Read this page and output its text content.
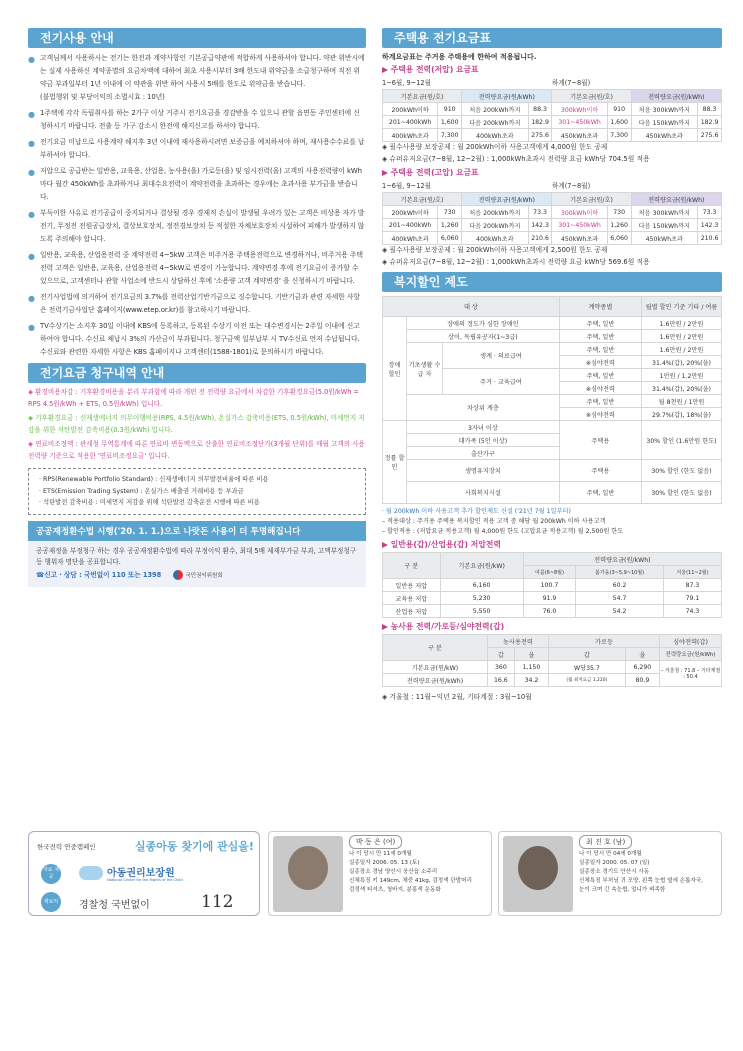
전기사용 안내
● 고객님께서 사용하시는 전기는 한전과 계약사항인 기본공급약관에 적합하게 사용하셔야 합니다. 약관 위반시에는 실제 사용하신 계약종별의 요금차액에 대하여 최초 사용시부터 3배 한도내 위약금을 소급청구하며 직전 위약금 부과일부터 1년 이내에 이 약관을 위반 하여 사용시 5배를 한도로 위약금을 받습니다.
(불법행위 및 부당이익의 소멸시효 : 10년)
● 1주택에 각각 독립취사를 하는 2가구 이상 거주시 전기요금을 경감받을 수 있으니 관할 읍면동 주민센터에 신청하시기 바랍니다. 전출 등 가구 감소시 한전에 해지신고를 하셔야 합니다.
● 전기요금 미납으로 사용계약 해지후 3년 이내에 재사용하시려면 보증금을 예치하셔야 하며, 재사용수수료를 납부하셔야 합니다.
● 저압으로 공급받는 일반용, 교육용, 산업용, 농사용(을) 가로등(을) 및 임시전력(을) 고객의 사용전력량이 kWh마다 월간 450kWh를 초과하거나 최대수요전력이 계약전력을 초과하는 경우에는 초과사용 부가금을 받습니다.
● 부득이한 사유로 전기공급이 중지되거나 결상될 경우 경제적 손실이 발생될 우려가 있는 고객은 비상용 자가 발전기, 무정전 전원공급장치, 결상보호장치, 정전경보장치 등 적절한 자체보호장치 시설하여 피해가 발생하지 않도록 주의해야 합니다.
● 일반용, 교육용, 산업용전력 중 계약전력 4~5kW 고객은 비주거용 주택용전력으로 변경하거나, 비주거용 주택전력 고객은 일반용, 교육용, 산업용전력 4~5kW로 변경이 가능합니다. 계약변경 후에 전기요금이 증가할 수 있으므로, 고객센터나 관할 사업소에 반드시 상담하신 후에 '소용량 고객 계약변경' 을 신청하시기 바랍니다.
● 전기사업법에 의거하여 전기요금의 3.7%를 전력산업기반기금으로 징수합니다. 기반기금과 관련 자세한 사항은 전력기금사업단 홈페이지(www.etep.or.kr)를 참고하시기 바랍니다.
● TV수상기는 소지후 30일 이내에 KBS에 등록하고, 등록된 수상기 이전 또는 대수변경시는 2주일 이내에 신고하여야 합니다. 수신료 체납시 3%의 가산금이 부과됩니다. 청구금액 일부납부 시 TV수신료 먼저 수납됩니다. 수신료와 관련한 자세한 사항은 KBS 홈페이지나 고객센터(1588-1801)로 문의하시기 바랍니다.
전기요금 청구내역 안내
◈ 환경비용차감 : 기후환경비용을 분리 부과함에 따라 개편 전 전력량 요금에서 차감한 기후환경요금(5.0원/kWh = RPS 4.5원/kWh + ETS, 0.5원/kWh) 입니다.
◈ 기후환경요금 : 신재생에너지 의무이행비용(RPS, 4.5원/kWh), 온실가스 감축비용(ETS, 0.5원/kWh), 미세먼지 저감을 위한 석탄발전 감축비용(0.3원/kWh) 입니다.
◈ 연료비조정액 : 관세청 무역통계에 따른 연료비 변동액으로 산출한 연료비조정단가(3개월 단위)를 매월 고객의 사용전력량 기준으로 적용한 '연료비조정요금' 입니다.
· RPS(Renewable Portfolio Standard) : 신재생에너지 의무발전비율에 따른 비용
· ETS(Emission Trading System) : 온실가스 배출권 거래비용 등 부과금
· 석탄발전 감축비용 : 미세먼지 저감을 위해 석탄발전 감축운전 시행에 따른 비용
공공재정환수법 시행('20. 1. 1.)으로 나랏돈 사용이 더 투명해집니다
공공재정을 부정청구 하는 경우 공공재정환수법에 따라 부정이익 환수, 최대 5배 제재부가금 부과, 고액부정청구 등 행위자 명단을 공표합니다.
☎신고 · 상담 : 국번없이 110 또는 1398	국민권익위원회
주택용 전기요금표
하계요금표는 주거용 주택용에 한하여 적용됩니다.
▶ 주택용 전력(저압) 요금표
1~6월, 9~12월	하계(7~8월)
기본요금(원/호)		전력량요금(원/kWh)		기본요금(원/호)		전력량요금(원/kWh)	
200kWh이하	910	처음 200kWh까지	88.3	300kWh이하	910	처음 300kWh까지	88.3
201~400kWh	1,600	다음 200kWh까지	182.9	301~450kWh	1,600	다음 150kWh까지	182.9
400kWh초과	7,300	400kWh초과	275.6	450kWh초과	7,300	450kWh초과	275.6
◈ 필수사용량 보장공제 : 월 200kWh이하 사용고객에게 4,000원 한도 공제
◈ 슈퍼유저요금(7~8월, 12~2월) : 1,000kWh초과시 전력량 요금 kWh당 704.5원 적용
▶ 주택용 전력(고압) 요금표
1~6월, 9~12월	하계(7~8월)
기본요금(원/호)		전력량요금(원/kWh)		기본요금(원/호)		전력량요금(원/kWh)	
200kWh이하	730	처음 200kWh까지	73.3	300kWh이하	730	처음 300kWh까지	73.3
201~400kWh	1,260	다음 200kWh까지	142.3	301~450kWh	1,260	다음 150kWh까지	142.3
400kWh초과	6,060	400kWh초과	210.6	450kWh초과	6,060	450kWh초과	210.6
◈ 필수사용량 보장공제 : 월 200kWh이하 사용고객에게 2,500원 한도 공제
◈ 슈퍼유저요금(7~8월, 12~2월) : 1,000kWh초과시 전력량 요금 kWh당 569.6원 적용
복지할인 제도
대 상			계약종별	월별 할인 기준 기타 / 여름
장애
할인	장애의 정도가 심한 장애인		주택, 일반	1.6만원 / 2만원
	상이, 독립유공자(1~3급)		주택, 일반	1.6만원 / 2만원
	기초생활 수 급 자	생계 · 의료급여	주택, 일반	1.6만원 / 2만원
			※심야전력	31.4%(갑), 20%(을)
		주거 · 교육급여	주택, 일반	1만원 / 1.2만원
			※심야전력	31.4%(갑), 20%(을)
	차상위 계층		주택, 일반	월 8천원 / 1만원
			※심야전력	29.7%(갑), 18%(을)
정률 할인	3자녀 이상		주택용	30% 할인 (1.6만원 한도)
	대가족 (5인 이상)			
	출산가구			
	생명유지장치		주택용	30% 할인 (한도 없음)
	사회복지시설		주택, 일반	30% 할인 (한도 없음)
· 월 200kWh 이하 사용고객 추가 할인제도 신설 ('21년 7월 1일부터)
– 적용대상 : 주거용 주택용 복지할인 적용 고객 중 해당 월 200kWh 이하 사용고객
– 할인적용 : (저압요금 적용고객) 월 4,000원 한도 (고압요금 적용고객) 월 2,500원 한도
▶ 일반용(갑)/산업용(갑) 저압전력
구 분	기본요금(원/kW)	전력량요금(원/kWh)		
		여름(6~8월)	봄가을(3~5,9~10월)	겨울(11~2월)
일반용 저압	6,160	100.7	60.2	87.3
교육용 저압	5,230	91.9	54.7	79.1
산업용 저압	5,550	76.0	54.2	74.3
▶ 농사용 전력/가로등/심야전력(갑)
구 분	농사용전력		가로등		심야전력(갑)
	갑	을	갑	을	전력량요금(원/kWh)
기본요금(원/kW)	360	1,150	W당35.7	6,290	– 겨울철 : 71.8 – 기타계절 : 50.4
전력량요금(원/kWh)	16.6	34.2	(월 최저요금 1,220)	80.9	
◈ 겨울철 : 11월~익년 2월, 기타계절 : 3월~10월
한국전력 연중캠페인	실종아동 찾기에 관심을!
자료 제공	아동권리보장원
National Center for the Rights of the Child
제보처 경찰청 국번없이	112
박 동 은 (여)
나 이 당시 만 11세 0개월
실종일자 2006. 05. 13 (토)
실종장소 경남 양산시 웅산읍 소주리
신체특징 키 149cm, 체중 41kg, 검정색 단발머리
검정색 티셔츠, 청바지, 분홍색 운동화
최 진 호 (남)
나 이 당시 만 04세 0개월
실종일자 2000. 05. 07 (일)
실종장소 경기도 안산시 사동
신체특징 부처님 귀 모양, 왼쪽 눈썹 옆에 손톱자국,
눈이 크며 긴 속눈썹, 얼니가 벼족함
